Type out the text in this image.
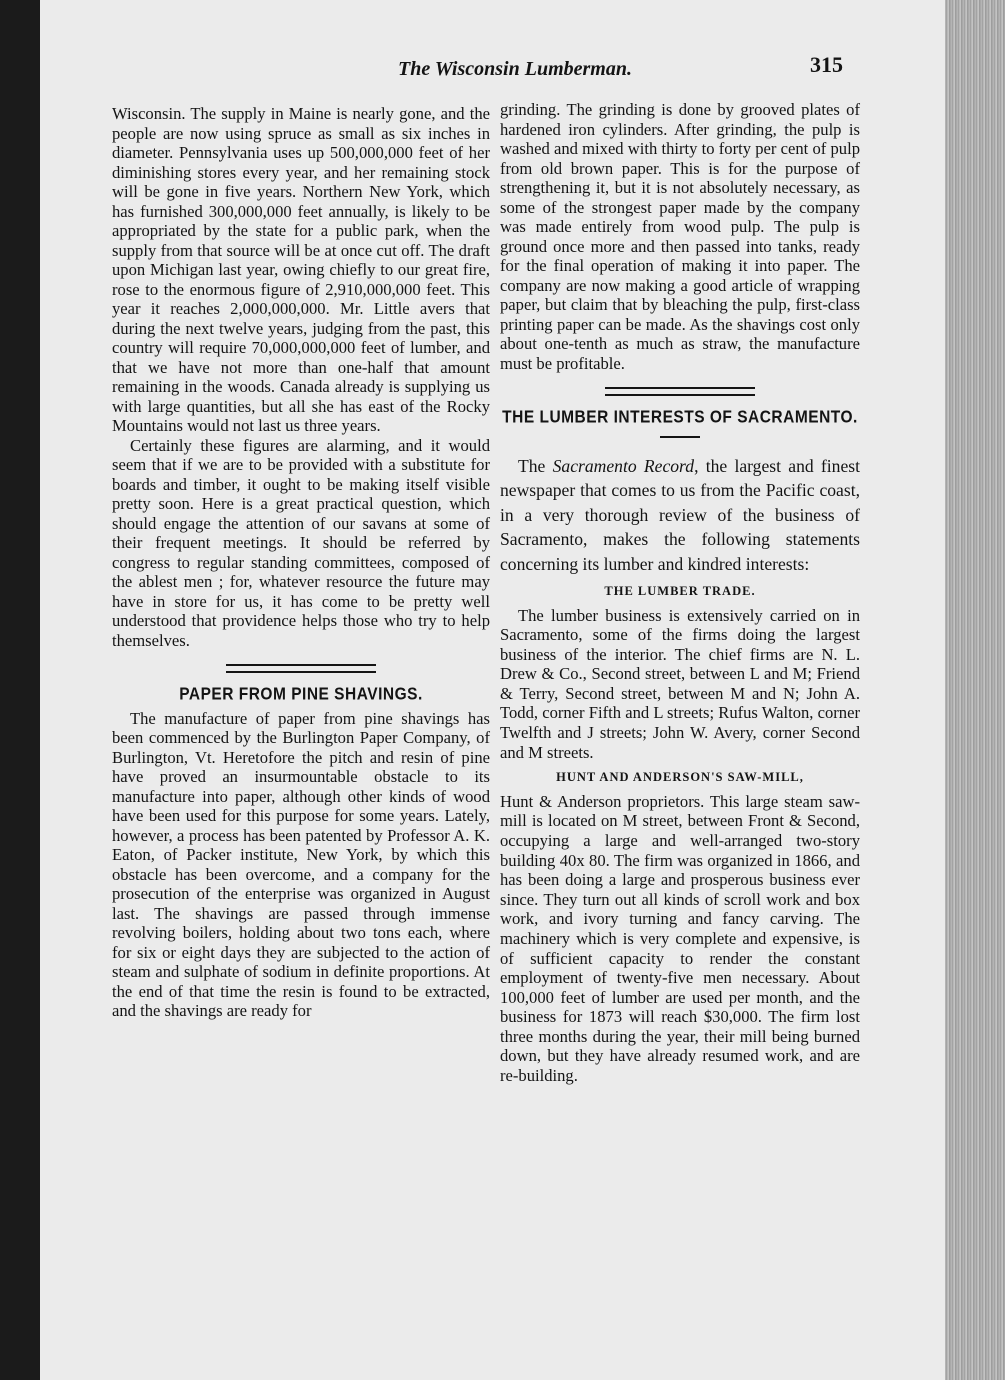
The Wisconsin Lumberman.	315

Wisconsin. The supply in Maine is nearly gone, and the people are now using spruce as small as six inches in diameter. Pennsylvania uses up 500,000,000 feet of her diminishing stores every year, and her remaining stock will be gone in five years. Northern New York, which has furnished 300,000,000 feet annually, is likely to be appropriated by the state for a public park, when the supply from that source will be at once cut off. The draft upon Michigan last year, owing chiefly to our great fire, rose to the enormous figure of 2,910,000,000 feet. This year it reaches 2,000,000,000. Mr. Little avers that during the next twelve years, judging from the past, this country will require 70,000,000,000 feet of lumber, and that we have not more than one-half that amount remaining in the woods. Canada already is supplying us with large quantities, but all she has east of the Rocky Mountains would not last us three years.

Certainly these figures are alarming, and it would seem that if we are to be provided with a substitute for boards and timber, it ought to be making itself visible pretty soon. Here is a great practical question, which should engage the attention of our savans at some of their frequent meetings. It should be referred by congress to regular standing committees, composed of the ablest men ; for, whatever resource the future may have in store for us, it has come to be pretty well understood that providence helps those who try to help themselves.

PAPER FROM PINE SHAVINGS.

The manufacture of paper from pine shavings has been commenced by the Burlington Paper Company, of Burlington, Vt. Heretofore the pitch and resin of pine have proved an insurmountable obstacle to its manufacture into paper, although other kinds of wood have been used for this purpose for some years. Lately, however, a process has been patented by Professor A. K. Eaton, of Packer institute, New York, by which this obstacle has been overcome, and a company for the prosecution of the enterprise was organized in August last. The shavings are passed through immense revolving boilers, holding about two tons each, where for six or eight days they are subjected to the action of steam and sulphate of sodium in definite proportions. At the end of that time the resin is found to be extracted, and the shavings are ready for

grinding. The grinding is done by grooved plates of hardened iron cylinders. After grinding, the pulp is washed and mixed with thirty to forty per cent of pulp from old brown paper. This is for the purpose of strengthening it, but it is not absolutely necessary, as some of the strongest paper made by the company was made entirely from wood pulp. The pulp is ground once more and then passed into tanks, ready for the final operation of making it into paper. The company are now making a good article of wrapping paper, but claim that by bleaching the pulp, first-class printing paper can be made. As the shavings cost only about one-tenth as much as straw, the manufacture must be profitable.

THE LUMBER INTERESTS OF SACRAMENTO.

The Sacramento Record, the largest and finest newspaper that comes to us from the Pacific coast, in a very thorough review of the business of Sacramento, makes the following statements concerning its lumber and kindred interests:

THE LUMBER TRADE.

The lumber business is extensively carried on in Sacramento, some of the firms doing the largest business of the interior. The chief firms are N. L. Drew & Co., Second street, between L and M; Friend & Terry, Second street, between M and N; John A. Todd, corner Fifth and L streets; Rufus Walton, corner Twelfth and J streets; John W. Avery, corner Second and M streets.

HUNT AND ANDERSON'S SAW-MILL,

Hunt & Anderson proprietors. This large steam saw-mill is located on M street, between Front & Second, occupying a large and well-arranged two-story building 40x 80. The firm was organized in 1866, and has been doing a large and prosperous business ever since. They turn out all kinds of scroll work and box work, and ivory turning and fancy carving. The machinery which is very complete and expensive, is of sufficient capacity to render the constant employment of twenty-five men necessary. About 100,000 feet of lumber are used per month, and the business for 1873 will reach $30,000. The firm lost three months during the year, their mill being burned down, but they have already resumed work, and are re-building.
